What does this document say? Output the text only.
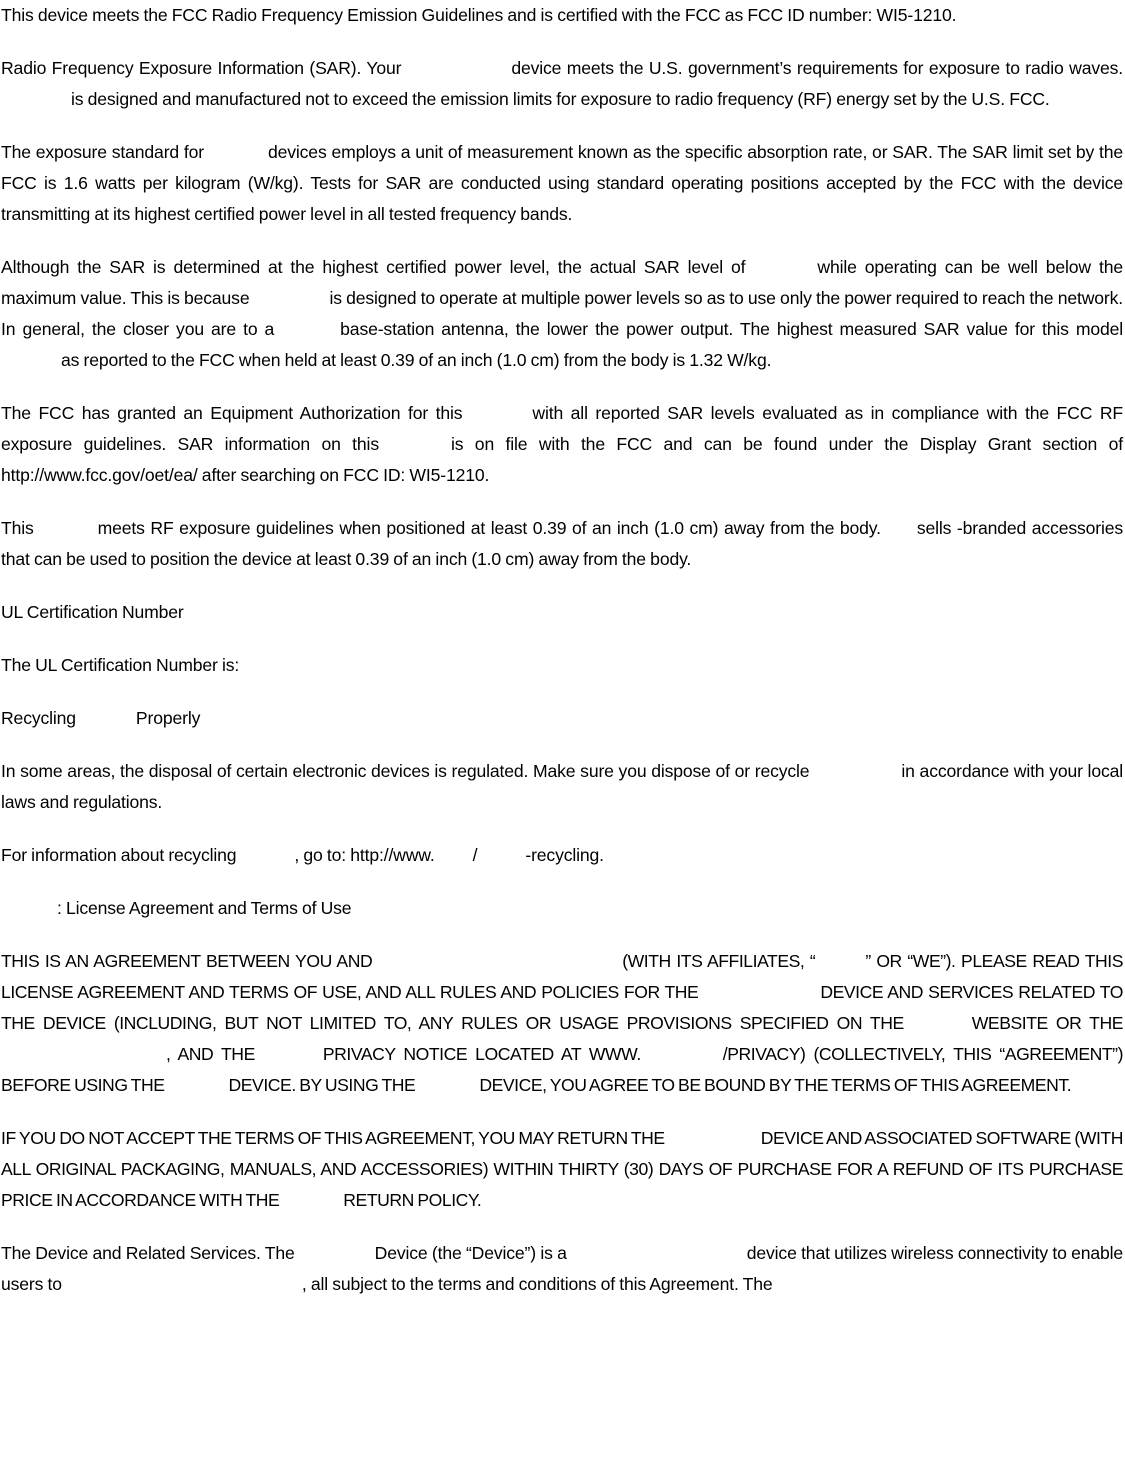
This device meets the FCC Radio Frequency Emission Guidelines and is certified with the FCC as FCC ID number: WI5-1210.

Radio Frequency Exposure Information (SAR). Your	device meets the U.S. government’s requirements for exposure to radio waves.is designed and manufactured not to exceed the emission limits for exposure to radio frequency (RF) energy set by the U.S. FCC.

The exposure standard for	devices employs a unit of measurement known as the specific absorption rate, or SAR. The SAR limit set by the FCC is 1.6 watts per kilogram (W/kg). Tests for SAR are conducted using standard operating positions accepted by the FCC with the device transmitting at its highest certified power level in all tested frequency bands.

Although the SAR is determined at the highest certified power level, the actual SAR level of	while operating can be well below the maximum value. This is because	is designed to operate at multiple power levels so as to use only the power required to reach the network. In general, the closer you are to a	base-station antenna, the lower the power output. The highest measured SAR value for this modelas reported to the FCC when held at least 0.39 of an inch (1.0 cm) from the body is 1.32 W/kg.

The FCC has granted an Equipment Authorization for this	with all reported SAR levels evaluated as in compliance with the FCC RF exposure guidelines. SAR information on this	is on file with the FCC and can be found under the Display Grant section of http://www.fcc.gov/oet/ea/ after searching on FCC ID: WI5-1210.

This	meets RF exposure guidelines when positioned at least 0.39 of an inch (1.0 cm) away from the body. sells -branded accessories that can be used to position the device at least 0.39 of an inch (1.0 cm) away from the body.

UL Certification Number

The UL Certification Number is:

Recycling	Properly

In some areas, the disposal of certain electronic devices is regulated. Make sure you dispose of or recycle	in accordance with your local laws and regulations.

For information about recycling	, go to: http://www. /	-recycling.

: License Agreement and Terms of Use

THIS IS AN AGREEMENT BETWEEN YOU AND	(WITH ITS AFFILIATES, “	” OR “WE”). PLEASE READ THIS LICENSE AGREEMENT AND TERMS OF USE, AND ALL RULES AND POLICIES FOR THE	DEVICE AND SERVICES RELATED TO THE DEVICE (INCLUDING, BUT NOT LIMITED TO, ANY RULES OR USAGE PROVISIONS SPECIFIED ON THE	WEBSITE OR THE, AND THE	PRIVACY NOTICE LOCATED AT WWW.	/PRIVACY) (COLLECTIVELY, THIS “AGREEMENT”) BEFORE USING THE	DEVICE. BY USING THE	DEVICE, YOU AGREE TO BE BOUND BY THE TERMS OF THIS AGREEMENT.

IF YOU DO NOT ACCEPT THE TERMS OF THIS AGREEMENT, YOU MAY RETURN THE	DEVICE AND ASSOCIATED SOFTWARE (WITH ALL ORIGINAL PACKAGING, MANUALS, AND ACCESSORIES) WITHIN THIRTY (30) DAYS OF PURCHASE FOR A REFUND OF ITS PURCHASE PRICE IN ACCORDANCE WITH THE	RETURN POLICY.

The Device and Related Services. The	Device (the “Device”) is a	device that utilizes wireless connectivity to enable users to	, all subject to the terms and conditions of this Agreement. The
